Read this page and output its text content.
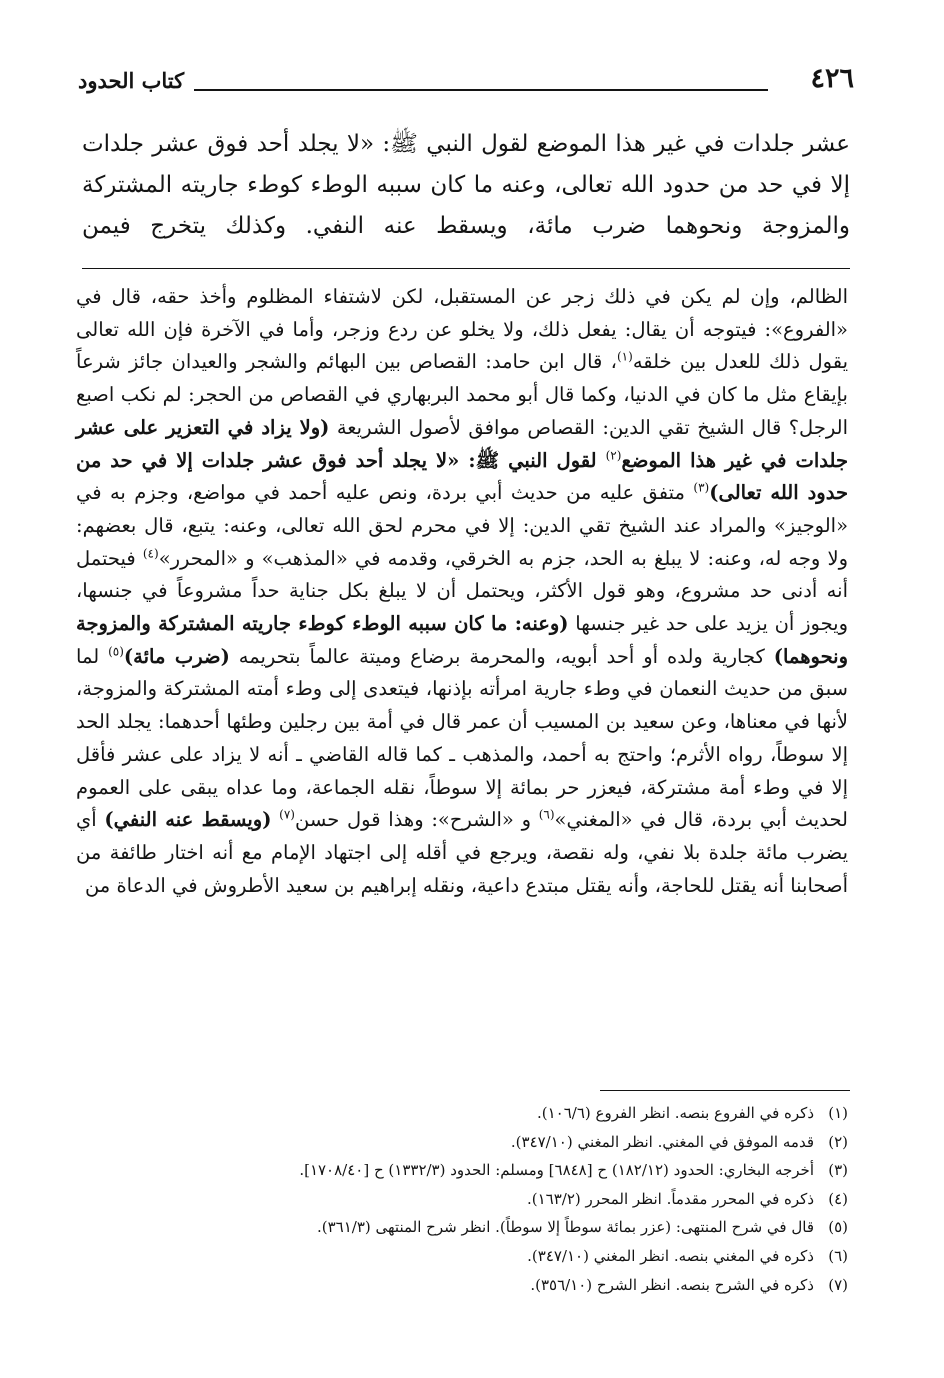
٤٢٦
كتاب الحدود

عشر جلدات في غير هذا الموضع لقول النبي ﷺ: «لا يجلد أحد فوق عشر جلدات إلا في حد من حدود الله تعالى، وعنه ما كان سببه الوطء كوطء جاريته المشتركة والمزوجة ونحوهما ضرب مائة، ويسقط عنه النفي. وكذلك يتخرج فيمن

الظالم، وإن لم يكن في ذلك زجر عن المستقبل، لكن لاشتفاء المظلوم وأخذ حقه، قال في «الفروع»: فيتوجه أن يقال: يفعل ذلك، ولا يخلو عن ردع وزجر، وأما في الآخرة فإن الله تعالى يقول ذلك للعدل بين خلقه$^{(١)}$، قال ابن حامد: القصاص بين البهائم والشجر والعيدان جائز شرعاً بإيقاع مثل ما كان في الدنيا، وكما قال أبو محمد البربهاري في القصاص من الحجر: لم نكب اصبع الرجل؟ قال الشيخ تقي الدين: القصاص موافق لأصول الشريعة (ولا يزاد في التعزير على عشر جلدات في غير هذا الموضع$^{(٢)}$ لقول النبي ﷺ: «لا يجلد أحد فوق عشر جلدات إلا في حد من حدود الله تعالى)$^{(٣)}$ متفق عليه من حديث أبي بردة، ونص عليه أحمد في مواضع، وجزم به في «الوجيز» والمراد عند الشيخ تقي الدين: إلا في محرم لحق الله تعالى، وعنه: يتبع، قال بعضهم: ولا وجه له، وعنه: لا يبلغ به الحد، جزم به الخرقي، وقدمه في «المذهب» و «المحرر»$^{(٤)}$ فيحتمل أنه أدنى حد مشروع، وهو قول الأكثر، ويحتمل أن لا يبلغ بكل جناية حداً مشروعاً في جنسها، ويجوز أن يزيد على حد غير جنسها (وعنه: ما كان سببه الوطء كوطء جاريته المشتركة والمزوجة ونحوهما) كجارية ولده أو أحد أبويه، والمحرمة برضاع وميتة عالماً بتحريمه (ضرب مائة)$^{(٥)}$ لما سبق من حديث النعمان في وطء جارية امرأته بإذنها، فيتعدى إلى وطء أمته المشتركة والمزوجة، لأنها في معناها، وعن سعيد بن المسيب أن عمر قال في أمة بين رجلين وطئها أحدهما: يجلد الحد إلا سوطاً، رواه الأثرم؛ واحتج به أحمد، والمذهب ـ كما قاله القاضي ـ أنه لا يزاد على عشر فأقل إلا في وطء أمة مشتركة، فيعزر حر بمائة إلا سوطاً، نقله الجماعة، وما عداه يبقى على العموم لحديث أبي بردة، قال في «المغني»$^{(٦)}$ و «الشرح»: وهذا قول حسن$^{(٧)}$ (ويسقط عنه النفي) أي يضرب مائة جلدة بلا نفي، وله نقصة، ويرجع في أقله إلى اجتهاد الإمام مع أنه اختار طائفة من أصحابنا أنه يقتل للحاجة، وأنه يقتل مبتدع داعية، ونقله إبراهيم بن سعيد الأطروش في الدعاة من

(١)
ذكره في الفروع بنصه. انظر الفروع (١٠٦/٦).
(٢)
قدمه الموفق في المغني. انظر المغني (٣٤٧/١٠).
(٣)
أخرجه البخاري: الحدود (١٨٢/١٢) ح [٦٨٤٨] ومسلم: الحدود (١٣٣٢/٣) ح [١٧٠٨/٤٠].
(٤)
ذكره في المحرر مقدماً. انظر المحرر (١٦٣/٢).
(٥)
قال في شرح المنتهى: (عزر بمائة سوطاً إلا سوطاً). انظر شرح المنتهى (٣٦١/٣).
(٦)
ذكره في المغني بنصه. انظر المغني (٣٤٧/١٠).
(٧)
ذكره في الشرح بنصه. انظر الشرح (٣٥٦/١٠).
